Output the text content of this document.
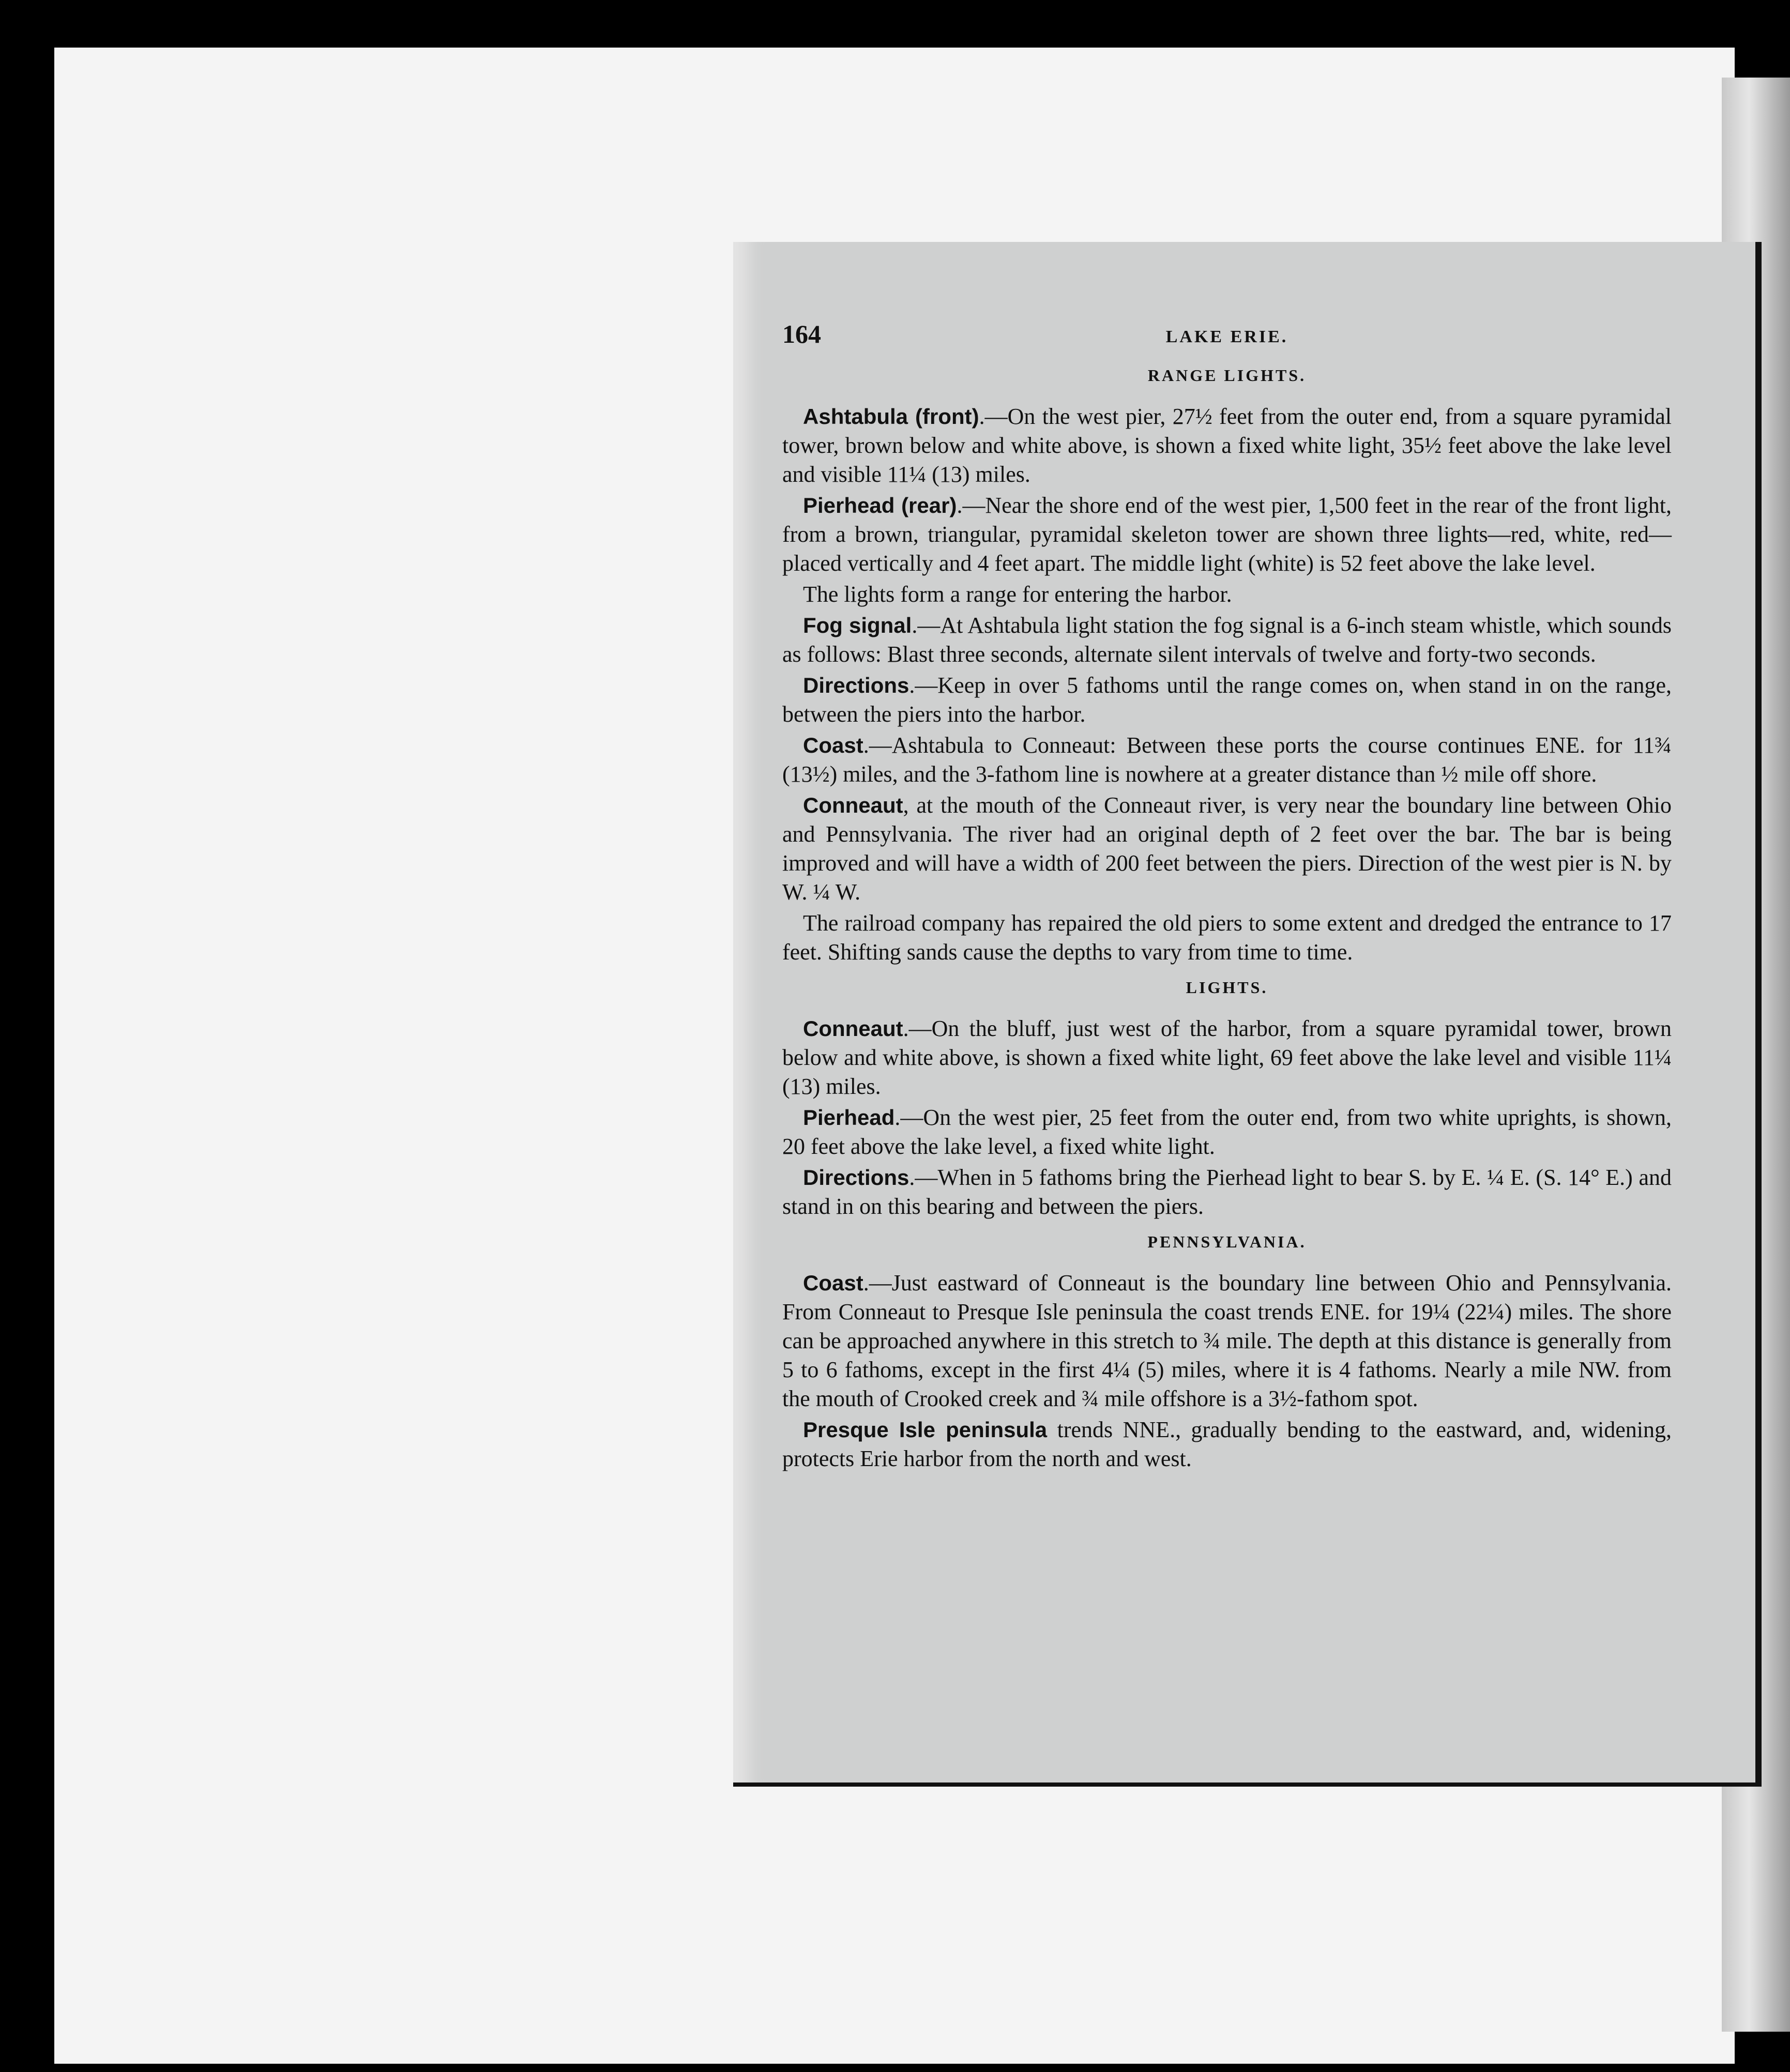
164	LAKE ERIE.
RANGE LIGHTS.

Ashtabula (front).—On the west pier, 27½ feet from the outer end, from a square pyramidal tower, brown below and white above, is shown a fixed white light, 35½ feet above the lake level and visible 11¼ (13) miles.

Pierhead (rear).—Near the shore end of the west pier, 1,500 feet in the rear of the front light, from a brown, triangular, pyramidal skeleton tower are shown three lights—red, white, red—placed vertically and 4 feet apart. The middle light (white) is 52 feet above the lake level.

The lights form a range for entering the harbor.

Fog signal.—At Ashtabula light station the fog signal is a 6-inch steam whistle, which sounds as follows: Blast three seconds, alternate silent intervals of twelve and forty-two seconds.

Directions.—Keep in over 5 fathoms until the range comes on, when stand in on the range, between the piers into the harbor.

Coast.—Ashtabula to Conneaut: Between these ports the course continues ENE. for 11¾ (13½) miles, and the 3-fathom line is nowhere at a greater distance than ½ mile off shore.

Conneaut, at the mouth of the Conneaut river, is very near the boundary line between Ohio and Pennsylvania. The river had an original depth of 2 feet over the bar. The bar is being improved and will have a width of 200 feet between the piers. Direction of the west pier is N. by W. ¼ W.

The railroad company has repaired the old piers to some extent and dredged the entrance to 17 feet. Shifting sands cause the depths to vary from time to time.

LIGHTS.

Conneaut.—On the bluff, just west of the harbor, from a square pyramidal tower, brown below and white above, is shown a fixed white light, 69 feet above the lake level and visible 11¼ (13) miles.

Pierhead.—On the west pier, 25 feet from the outer end, from two white uprights, is shown, 20 feet above the lake level, a fixed white light.

Directions.—When in 5 fathoms bring the Pierhead light to bear S. by E. ¼ E. (S. 14° E.) and stand in on this bearing and between the piers.

PENNSYLVANIA.

Coast.—Just eastward of Conneaut is the boundary line between Ohio and Pennsylvania. From Conneaut to Presque Isle peninsula the coast trends ENE. for 19¼ (22¼) miles. The shore can be approached anywhere in this stretch to ¾ mile. The depth at this distance is generally from 5 to 6 fathoms, except in the first 4¼ (5) miles, where it is 4 fathoms. Nearly a mile NW. from the mouth of Crooked creek and ¾ mile offshore is a 3½-fathom spot.

Presque Isle peninsula trends NNE., gradually bending to the eastward, and, widening, protects Erie harbor from the north and west.
